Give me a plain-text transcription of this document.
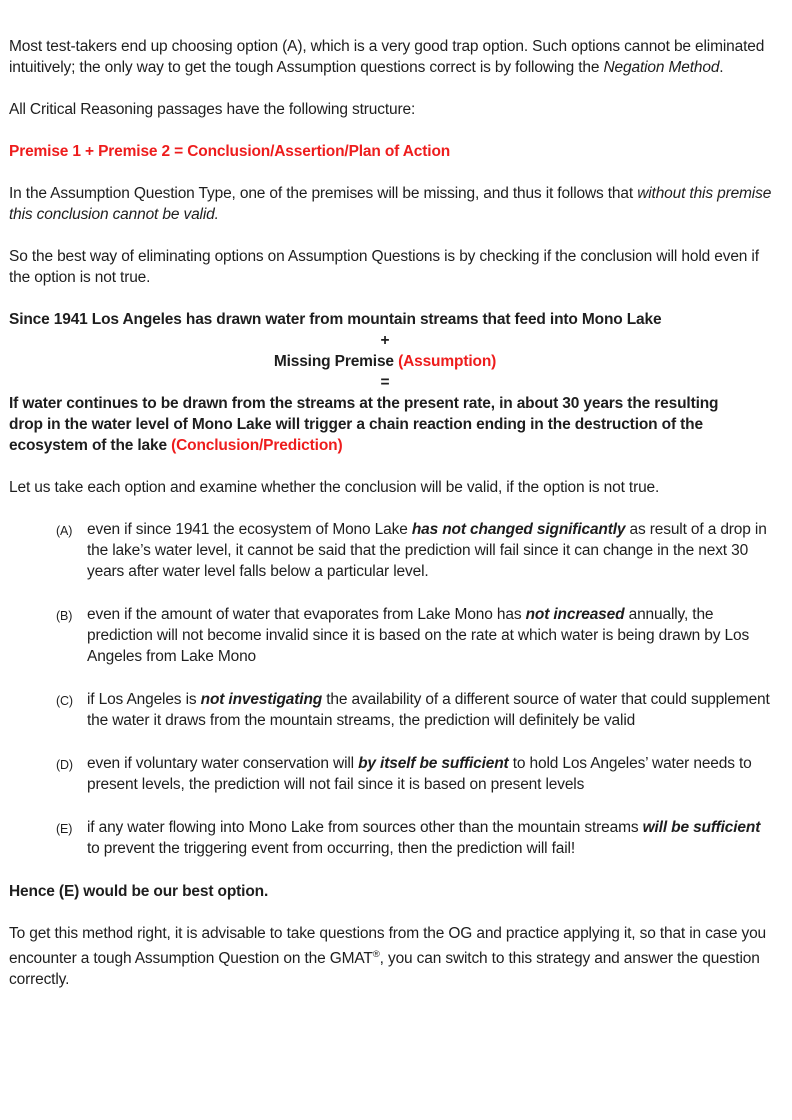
Most test-takers end up choosing option (A), which is a very good trap option. Such options cannot be eliminated intuitively; the only way to get the tough Assumption questions correct is by following the Negation Method.

All Critical Reasoning passages have the following structure:

Premise 1 + Premise 2 = Conclusion/Assertion/Plan of Action

In the Assumption Question Type, one of the premises will be missing, and thus it follows that without this premise this conclusion cannot be valid.

So the best way of eliminating options on Assumption Questions is by checking if the conclusion will hold even if the option is not true.

Since 1941 Los Angeles has drawn water from mountain streams that feed into Mono Lake
+
Missing Premise (Assumption)
=
If water continues to be drawn from the streams at the present rate, in about 30 years the resulting drop in the water level of Mono Lake will trigger a chain reaction ending in the destruction of the ecosystem of the lake (Conclusion/Prediction)

Let us take each option and examine whether the conclusion will be valid, if the option is not true.

(A) even if since 1941 the ecosystem of Mono Lake has not changed significantly as result of a drop in the lake’s water level, it cannot be said that the prediction will fail since it can change in the next 30 years after water level falls below a particular level.
(B) even if the amount of water that evaporates from Lake Mono has not increased annually, the prediction will not become invalid since it is based on the rate at which water is being drawn by Los Angeles from Lake Mono
(C) if Los Angeles is not investigating the availability of a different source of water that could supplement the water it draws from the mountain streams, the prediction will definitely be valid
(D) even if voluntary water conservation will by itself be sufficient to hold Los Angeles’ water needs to present levels, the prediction will not fail since it is based on present levels
(E) if any water flowing into Mono Lake from sources other than the mountain streams will be sufficient to prevent the triggering event from occurring, then the prediction will fail!

Hence (E) would be our best option.

To get this method right, it is advisable to take questions from the OG and practice applying it, so that in case you encounter a tough Assumption Question on the GMAT®, you can switch to this strategy and answer the question correctly.
